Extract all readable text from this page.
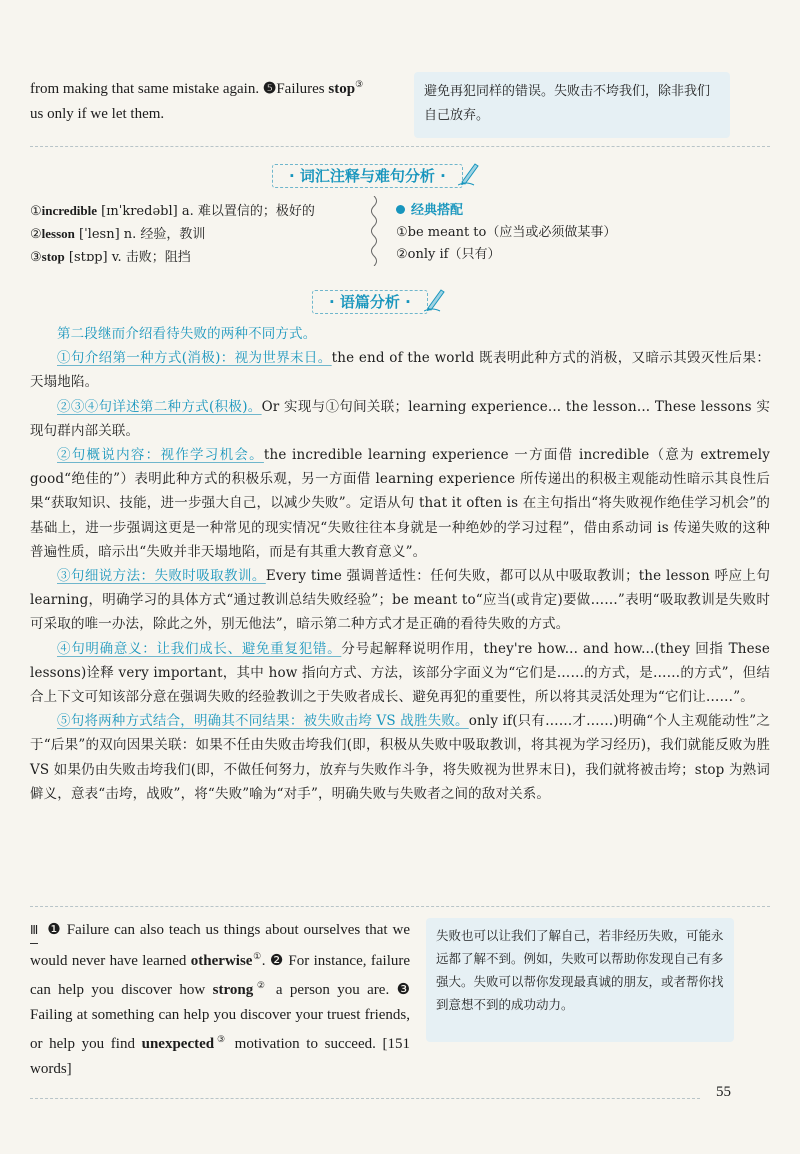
from making that same mistake again. ❺Failures stop③

us only if we let them.

避免再犯同样的错误。失败击不垮我们，除非我们自己放弃。
· 词汇注释与难句分析 ·
①incredible [ɪnˈkredəbl] a. 难以置信的；极好的
②lesson [ˈlesn] n. 经验，教训
③stop [stɒp] v. 击败；阻挡
经典搭配
①be meant to（应当或必须做某事）
②only if（只有）
· 语篇分析 ·

第二段继而介绍看待失败的两种不同方式。

①句介绍第一种方式(消极)：视为世界末日。the end of the world 既表明此种方式的消极，又暗示其毁灭性后果：天塌地陷。

②③④句详述第二种方式(积极)。Or 实现与①句间关联；learning experience... the lesson... These lessons 实现句群内部关联。

②句概说内容：视作学习机会。the incredible learning experience 一方面借 incredible（意为 extremely good“绝佳的”）表明此种方式的积极乐观，另一方面借 learning experience 所传递出的积极主观能动性暗示其良性后果“获取知识、技能，进一步强大自己，以减少失败”。定语从句 that it often is 在主句指出“将失败视作绝佳学习机会”的基础上，进一步强调这更是一种常见的现实情况“失败往往本身就是一种绝妙的学习过程”，借由系动词 is 传递失败的这种普遍性质，暗示出“失败并非天塌地陷，而是有其重大教育意义”。

③句细说方法：失败时吸取教训。Every time 强调普适性：任何失败，都可以从中吸取教训；the lesson 呼应上句 learning，明确学习的具体方式“通过教训总结失败经验”；be meant to“应当(或肯定)要做……”表明“吸取教训是失败时可采取的唯一办法，除此之外，别无他法”，暗示第二种方式才是正确的看待失败的方式。

④句明确意义：让我们成长、避免重复犯错。分号起解释说明作用，they're how... and how...(they 回指 These lessons)诠释 very important，其中 how 指向方式、方法，该部分字面义为“它们是……的方式，是……的方式”，但结合上下文可知该部分意在强调失败的经验教训之于失败者成长、避免再犯的重要性，所以将其灵活处理为“它们让……”。

⑤句将两种方式结合，明确其不同结果：被失败击垮 VS 战胜失败。only if(只有……才……)明确“个人主观能动性”之于“后果”的双向因果关联：如果不任由失败击垮我们(即，积极从失败中吸取教训，将其视为学习经历)，我们就能反败为胜 VS 如果仍由失败击垮我们(即，不做任何努力，放弃与失败作斗争，将失败视为世界末日)，我们就将被击垮；stop 为熟词僻义，意表“击垮，战败”，将“失败”喻为“对手”，明确失败与失败者之间的敌对关系。

Ⅲ ❶ Failure can also teach us things about ourselves that we would never have learned otherwise①. ❷ For instance, failure can help you discover how strong② a person you are. ❸ Failing at something can help you discover your truest friends, or help you find unexpected③ motivation to succeed. [151 words]

失败也可以让我们了解自己，若非经历失败，可能永远都了解不到。例如，失败可以帮助你发现自己有多强大。失败可以帮你发现最真诚的朋友，或者帮你找到意想不到的成功动力。
55
